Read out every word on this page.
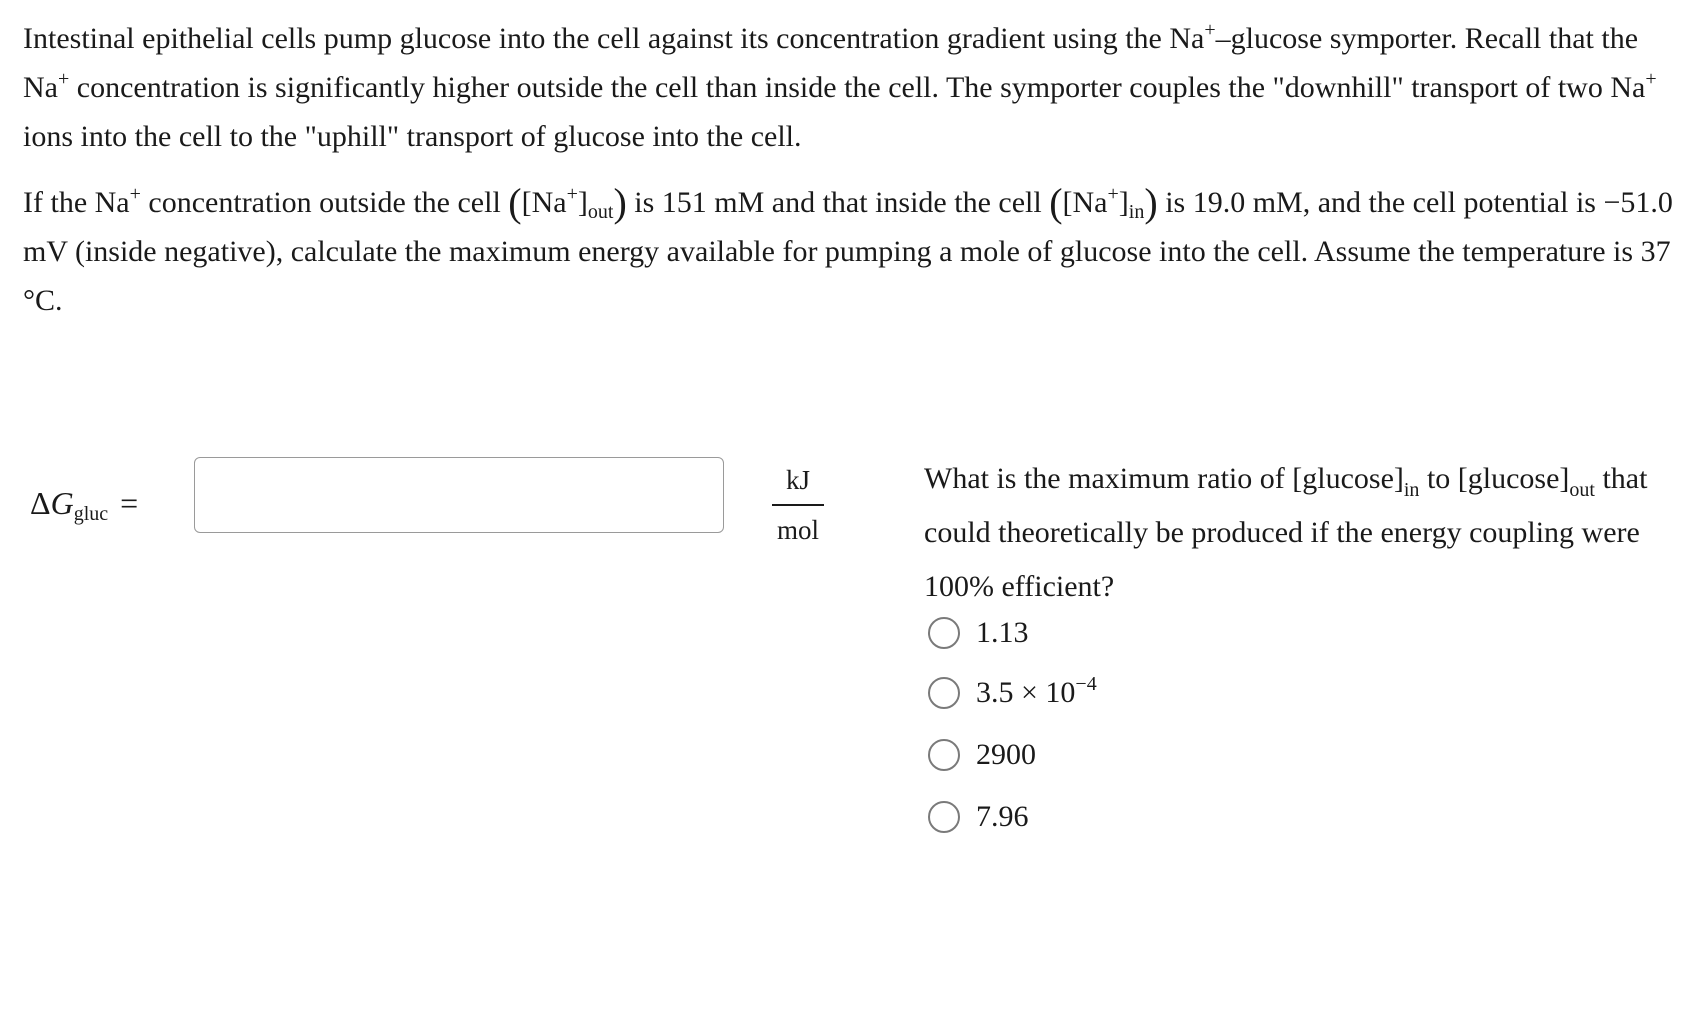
Intestinal epithelial cells pump glucose into the cell against its concentration gradient using the Na+–glucose symporter. Recall that the Na+ concentration is significantly higher outside the cell than inside the cell. The symporter couples the "downhill" transport of two Na+ ions into the cell to the "uphill" transport of glucose into the cell.

If the Na+ concentration outside the cell $([Na^+]_{out})$ is 151 mM and that inside the cell $([Na^+]_{in})$ is 19.0 mM, and the cell potential is −51.0 mV (inside negative), calculate the maximum energy available for pumping a mole of glucose into the cell. Assume the temperature is 37 °C.

$\Delta G_{gluc}$ =
kJ
mol

What is the maximum ratio of $[glucose]_{in}$ to $[glucose]_{out}$ that could theoretically be produced if the energy coupling were 100% efficient?

1.13
$3.5 \times 10^{-4}$
2900
7.96
